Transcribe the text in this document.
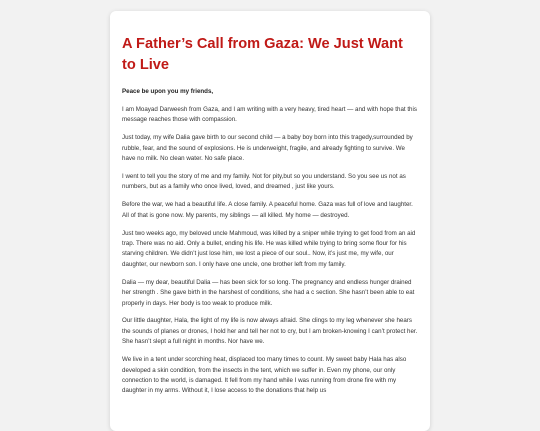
A Father’s Call from Gaza: We Just Want to Live

Peace be upon you my friends,

I am Moayad Darweesh from Gaza, and I am writing with a very heavy, tired heart — and with hope that this message reaches those with compassion.

Just today, my wife Dalia gave birth to our second child — a baby boy born into this tragedy,surrounded by rubble, fear, and the sound of explosions. He is underweight, fragile, and already fighting to survive. We have no milk. No clean water. No safe place.

I went to tell you the story of me and my family. Not for pity,but so you understand. So you see us not as numbers, but as a family who once lived, loved, and dreamed , just like yours.

Before the war, we had a beautiful life. A close family. A peaceful home. Gaza was full of love and laughter. All of that is gone now. My parents, my siblings — all killed. My home — destroyed.

Just two weeks ago, my beloved uncle Mahmoud, was killed by a sniper while trying to get food from an aid trap. There was no aid. Only a bullet, ending his life. He was killed while trying to bring some flour for his starving children. We didn’t just lose him, we lost a piece of our soul.. Now, it’s just me, my wife, our daughter, our newborn son. I only have one uncle, one brother left from my family.

Dalia — my dear, beautiful Dalia — has been sick for so long. The pregnancy and endless hunger drained her strength . She gave birth in the harshest of conditions, she had a c section. She hasn’t been able to eat properly in days. Her body is too weak to produce milk.

Our little daughter, Hala, the light of my life is now always afraid. She clings to my leg whenever she hears the sounds of planes or drones, I hold her and tell her not to cry, but I am broken-knowing I can’t protect her. She hasn’t slept a full night in months. Nor have we.

We live in a tent under scorching heat, displaced too many times to count. My sweet baby Hala has also developed a skin condition, from the insects in the tent, which we suffer in. Even my phone, our only connection to the world, is damaged. It fell from my hand while I was running from drone fire with my daughter in my arms. Without it, I lose access to the donations that help us
